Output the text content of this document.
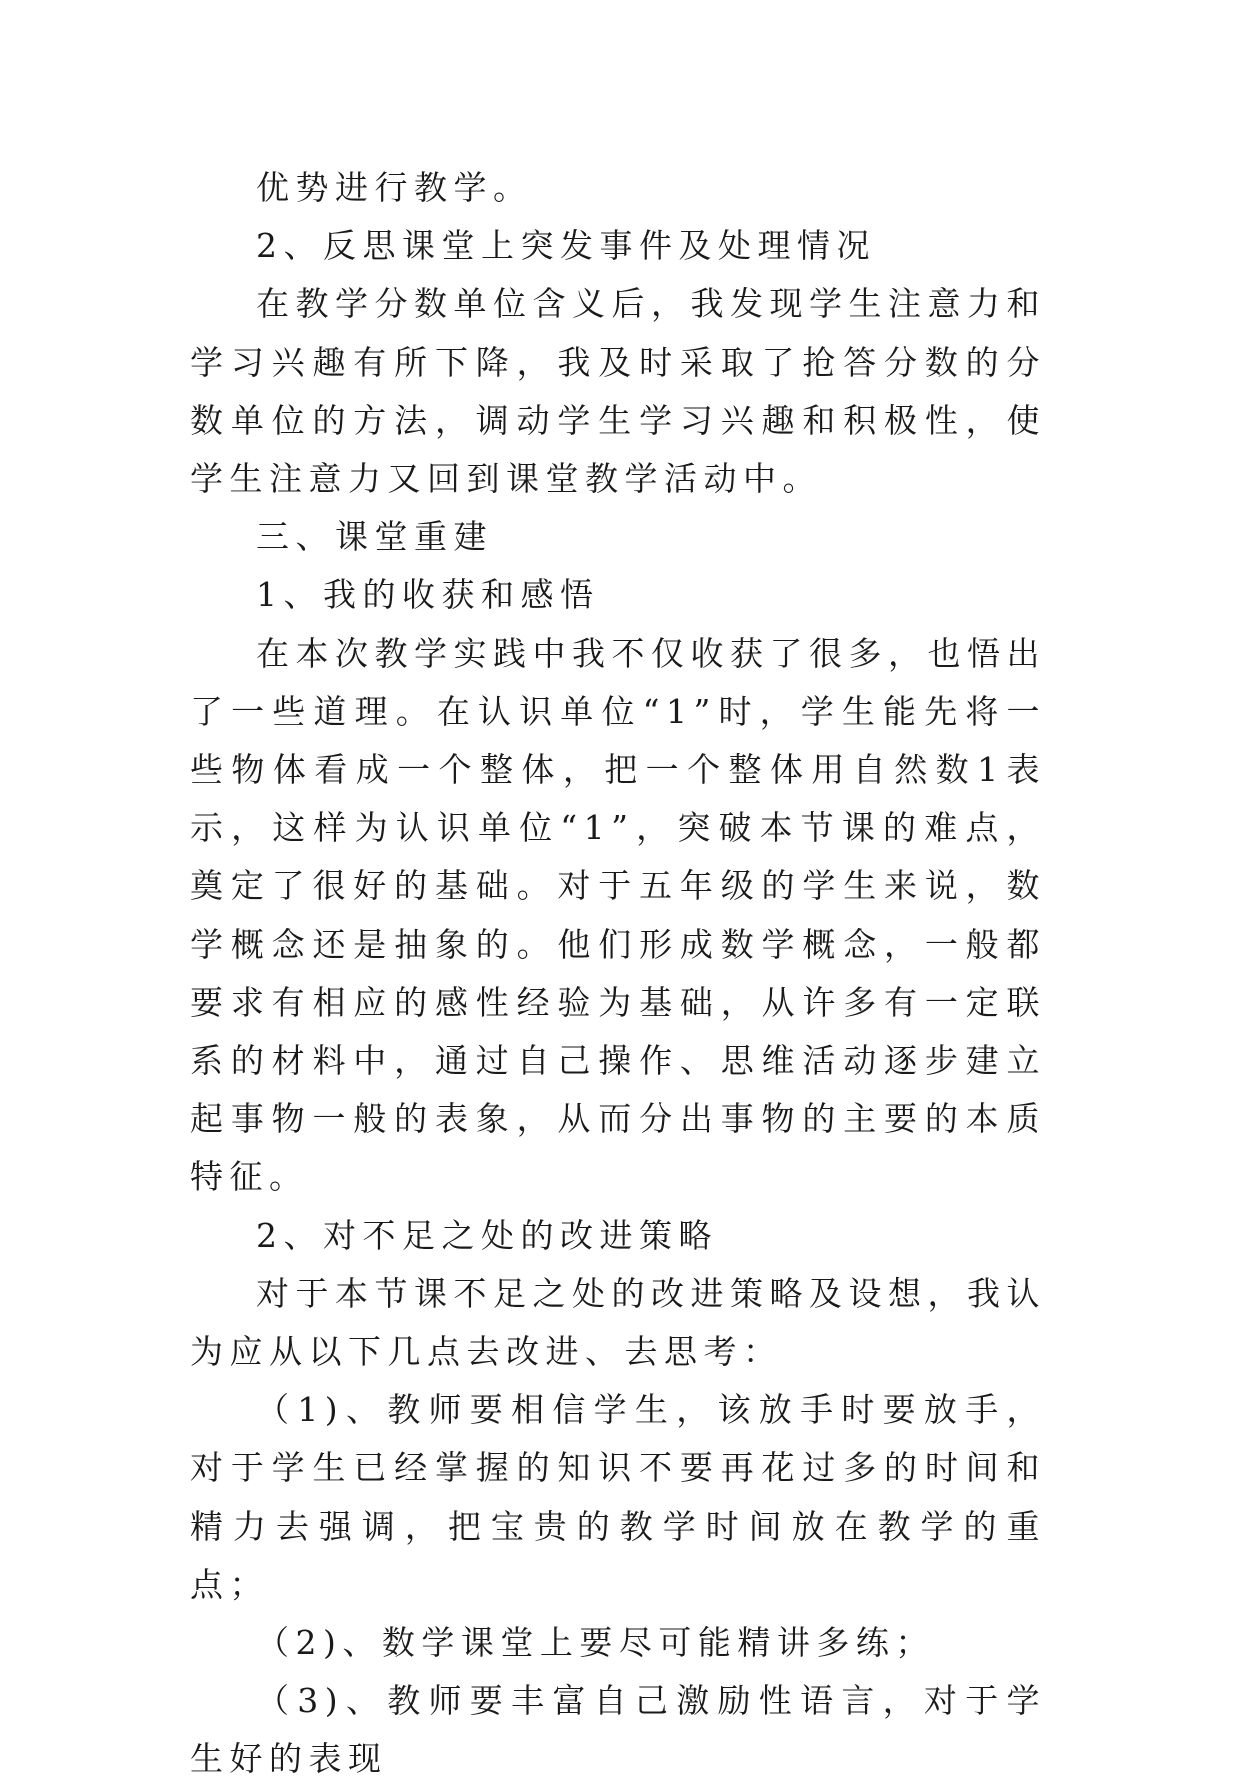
优势进行教学。

2、反思课堂上突发事件及处理情况

在教学分数单位含义后，我发现学生注意力和学习兴趣有所下降，我及时采取了抢答分数的分数单位的方法，调动学生学习兴趣和积极性，使学生注意力又回到课堂教学活动中。

三、课堂重建

1、我的收获和感悟

在本次教学实践中我不仅收获了很多，也悟出了一些道理。在认识单位“1”时，学生能先将一些物体看成一个整体，把一个整体用自然数1表示，这样为认识单位“1”，突破本节课的难点，奠定了很好的基础。对于五年级的学生来说，数学概念还是抽象的。他们形成数学概念，一般都要求有相应的感性经验为基础，从许多有一定联系的材料中，通过自己操作、思维活动逐步建立起事物一般的表象，从而分出事物的主要的本质特征。

2、对不足之处的改进策略

对于本节课不足之处的改进策略及设想，我认为应从以下几点去改进、去思考：

（1)、教师要相信学生，该放手时要放手，对于学生已经掌握的知识不要再花过多的时间和精力去强调，把宝贵的教学时间放在教学的重点；

（2)、数学课堂上要尽可能精讲多练；

（3)、教师要丰富自己激励性语言，对于学生好的表现
